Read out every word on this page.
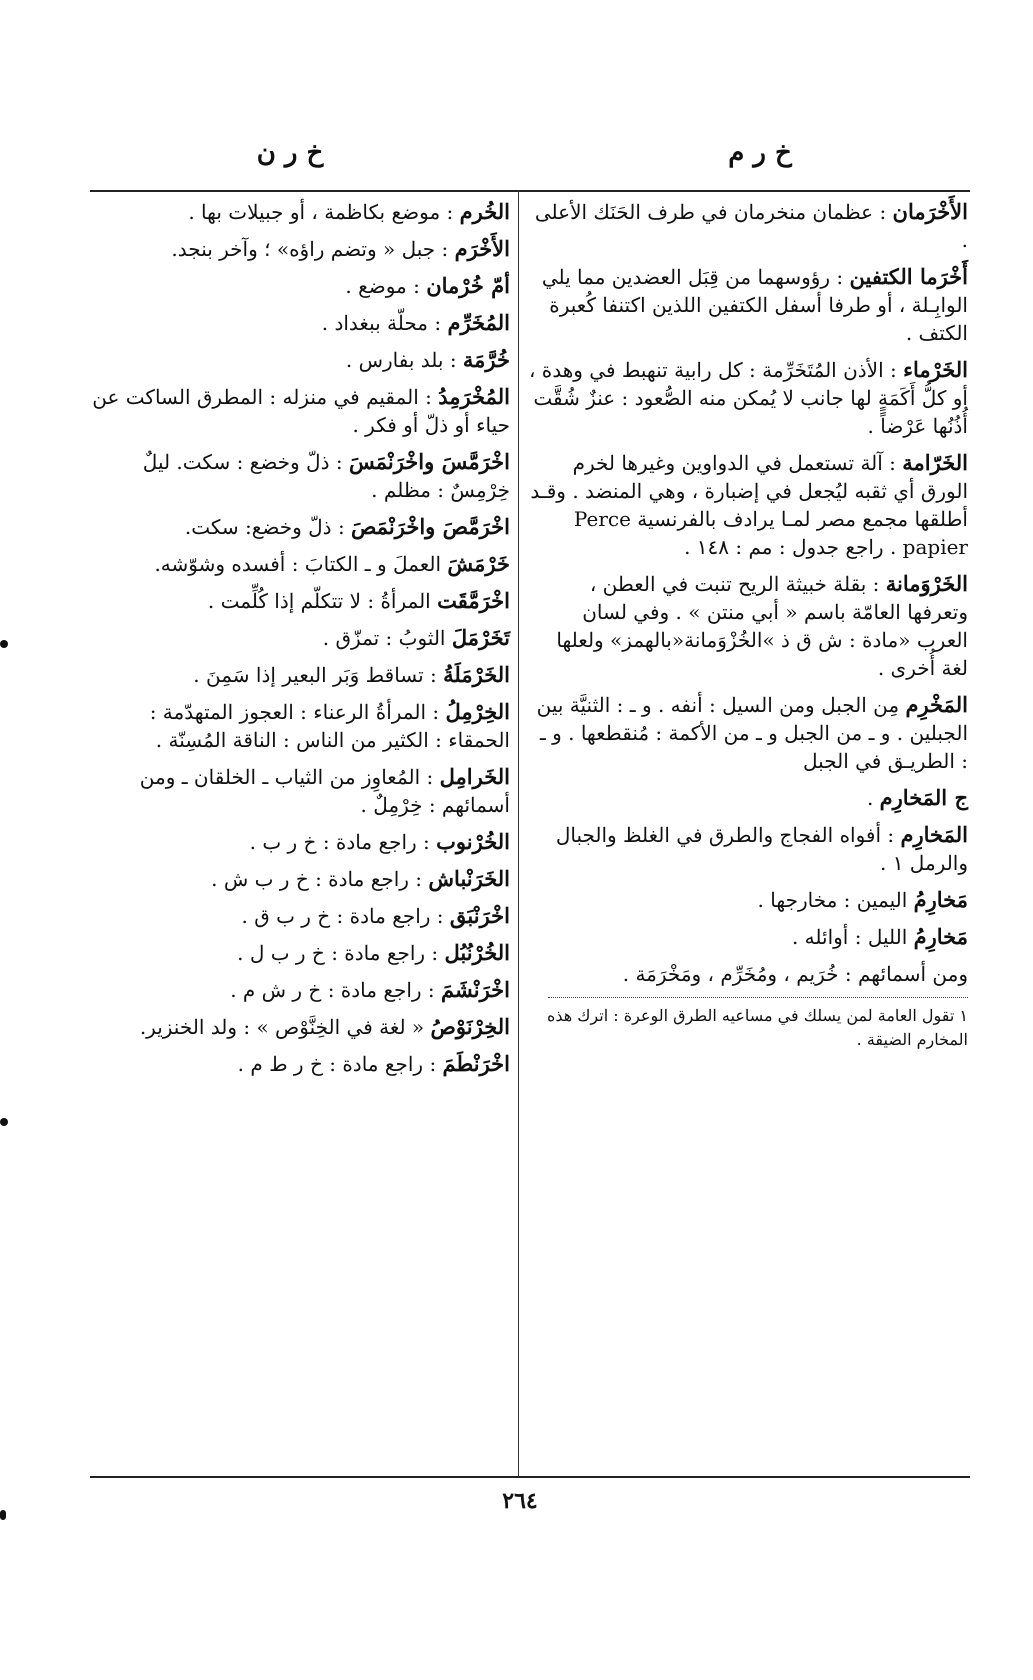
خ ر م
خ ر ن
الأَخْرَمان : عظمان منخرمان في طرف الحَنَك الأعلى .
أَخْرَما الكتفين : رؤوسهما من قِبَل العضدين مما يلي الوابِـلة ، أو طرفا أسفل الكتفين اللذين اكتنفا كُعبرة الكتف .
الخَرْماء : الأذن المُتَخَرِّمة : كل رابية تنهبط في وهدة ، أو كلُّ أَكَمَةٍ لها جانب لا يُمكن منه الصُّعود : عنزٌ شُقَّت أُذُنُها عَرْضاً .
الخَرّامة : آلة تستعمل في الدواوين وغيرها لخرم الورق أي ثقبه ليُجعل في إضبارة ، وهي المنضد . وقـد أطلقها مجمع مصر لمـا يرادف بالفرنسية Perce papier . راجع جدول : مم : ١٤٨ .
الخَرْوَمانة : بقلة خبيثة الريح تنبت في العطن ، وتعرفها العامّة باسم « أبي منتن » . وفي لسان العرب «مادة : ش ق ذ »الخُزْوَمانة«بالهمز» ولعلها لغة أُخرى .
المَخْرِم مِن الجبل ومن السيل : أنفه . و ـ : الثنيَّة بين الجبلين . و ـ من الجبل و ـ من الأكمة : مُنقطعها . و ـ : الطريـق في الجبل
ج المَخارِم .
المَخارِم : أفواه الفجاج والطرق في الغلظ والجبال والرمل ١ .
مَخارِمُ اليمين : مخارجها .
مَخارِمُ الليل : أوائله .
ومن أسمائهم : خُرَيم ، ومُخَرِّم ، ومَخْرَمَة .
١ تقول العامة لمن يسلك في مساعيه الطرق الوعرة : اترك هذه المخارم الضيقة .
الخُرم : موضع بكاظمة ، أو جبيلات بها .
الأَخْرَم : جبل « وتضم راؤه» ؛ وآخر بنجد.
أمّ خُرْمان : موضع .
المُخَرِّم : محلّة ببغداد .
خُرَّمَة : بلد بفارس .
المُخْرَمِدُ : المقيم في منزله : المطرق الساكت عن حياء أو ذلّ أو فكر .
اخْرَمَّسَ واخْرَنْمَسَ : ذلّ وخضع : سكت. ليلٌ خِرْمِسٌ : مظلم .
اخْرَمَّصَ واخْرَنْمَصَ : ذلّ وخضع: سكت.
خَرْمَشَ العملَ و ـ الكتابَ : أفسده وشوّشه.
اخْرَمَّقَت المرأةُ : لا تتكلّم إذا كُلِّمت .
تَخَرْمَلَ الثوبُ : تمزّق .
الخَرْمَلَةُ : تساقط وَبَر البعير إذا سَمِنَ .
الخِرْمِلُ : المرأةُ الرعناء : العجوز المتهدّمة : الحمقاء : الكثير من الناس : الناقة المُسِنّة .
الخَرامِل : المُعاوِز من الثياب ـ الخلقان ـ ومن أسمائهم : خِرْمِلٌ .
الخُرْنوب : راجع مادة : خ ر ب .
الخَرَنْباش : راجع مادة : خ ر ب ش .
اخْرَنْبَق : راجع مادة : خ ر ب ق .
الخُرْنُبُل : راجع مادة : خ ر ب ل .
اخْرَنْشَمَ : راجع مادة : خ ر ش م .
الخِرْنَوْصُ « لغة في الخِنَّوْص » : ولد الخنزير.
اخْرَنْطَمَ : راجع مادة : خ ر ط م .
٢٦٤
